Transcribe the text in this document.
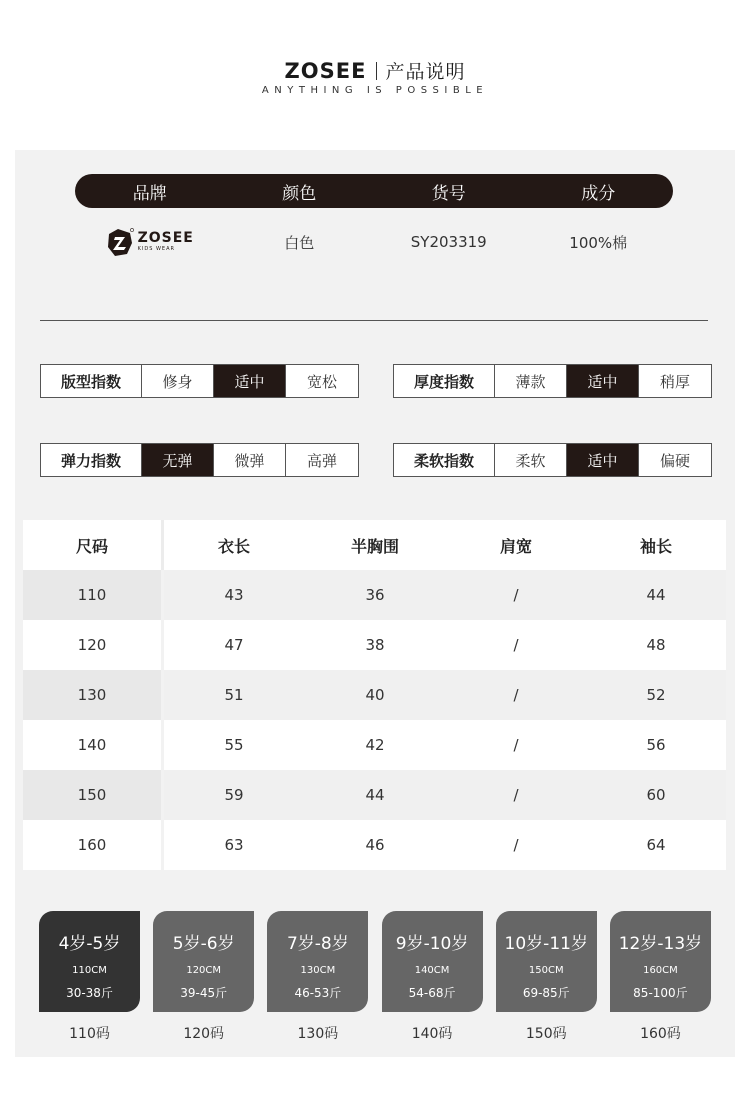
ZOSEE 产品说明
ANYTHING IS POSSIBLE
品牌	颜色	货号	成分
ZOSEE
KIDS WEAR	白色	SY203319	100%棉
版型指数	修身	适中	宽松	厚度指数	薄款	适中	稍厚
弹力指数	无弹	微弹	高弹	柔软指数	柔软	适中	偏硬
尺码	衣长	半胸围	肩宽	袖长
110	43	36	/	44
120	47	38	/	48
130	51	40	/	52
140	55	42	/	56
150	59	44	/	60
160	63	46	/	64
4岁-5岁
110CM
30-38斤
110码
5岁-6岁
120CM
39-45斤
120码
7岁-8岁
130CM
46-53斤
130码
9岁-10岁
140CM
54-68斤
140码
10岁-11岁
150CM
69-85斤
150码
12岁-13岁
160CM
85-100斤
160码
